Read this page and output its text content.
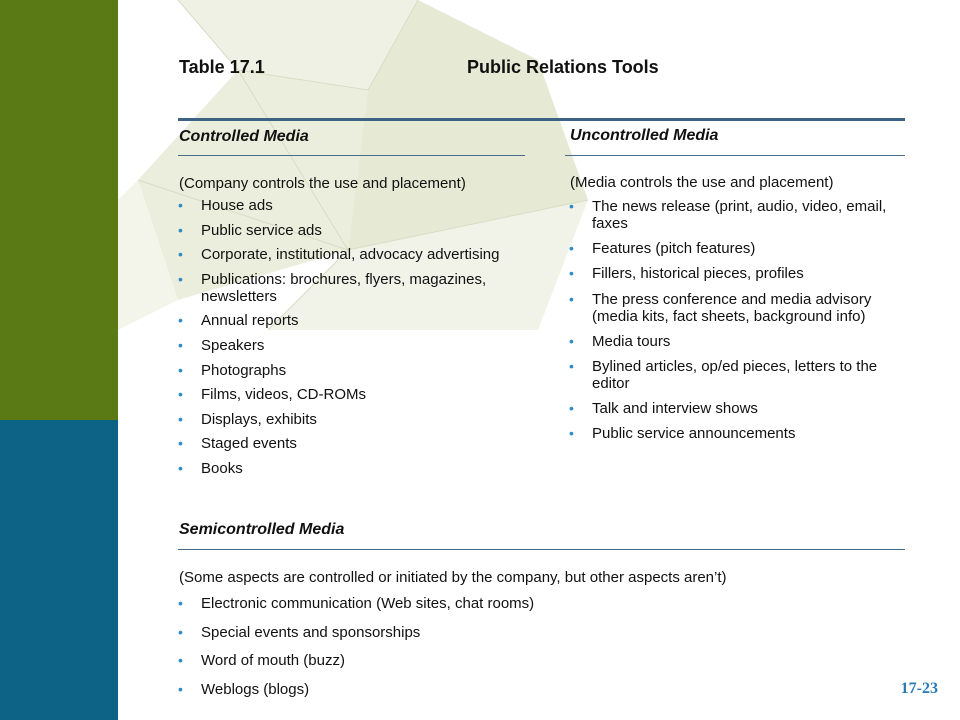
Table 17.1	Public Relations Tools
Controlled Media
(Company controls the use and placement)
• House ads
• Public service ads
• Corporate, institutional, advocacy advertising
• Publications: brochures, flyers, magazines, newsletters
• Annual reports
• Speakers
• Photographs
• Films, videos, CD-ROMs
• Displays, exhibits
• Staged events
• Books
Uncontrolled Media
(Media controls the use and placement)
• The news release (print, audio, video, email, faxes
• Features (pitch features)
• Fillers, historical pieces, profiles
• The press conference and media advisory (media kits, fact sheets, background info)
• Media tours
• Bylined articles, op/ed pieces, letters to the editor
• Talk and interview shows
• Public service announcements
Semicontrolled Media
(Some aspects are controlled or initiated by the company, but other aspects aren’t)
• Electronic communication (Web sites, chat rooms)
• Special events and sponsorships
• Word of mouth (buzz)
• Weblogs (blogs)	17-23
